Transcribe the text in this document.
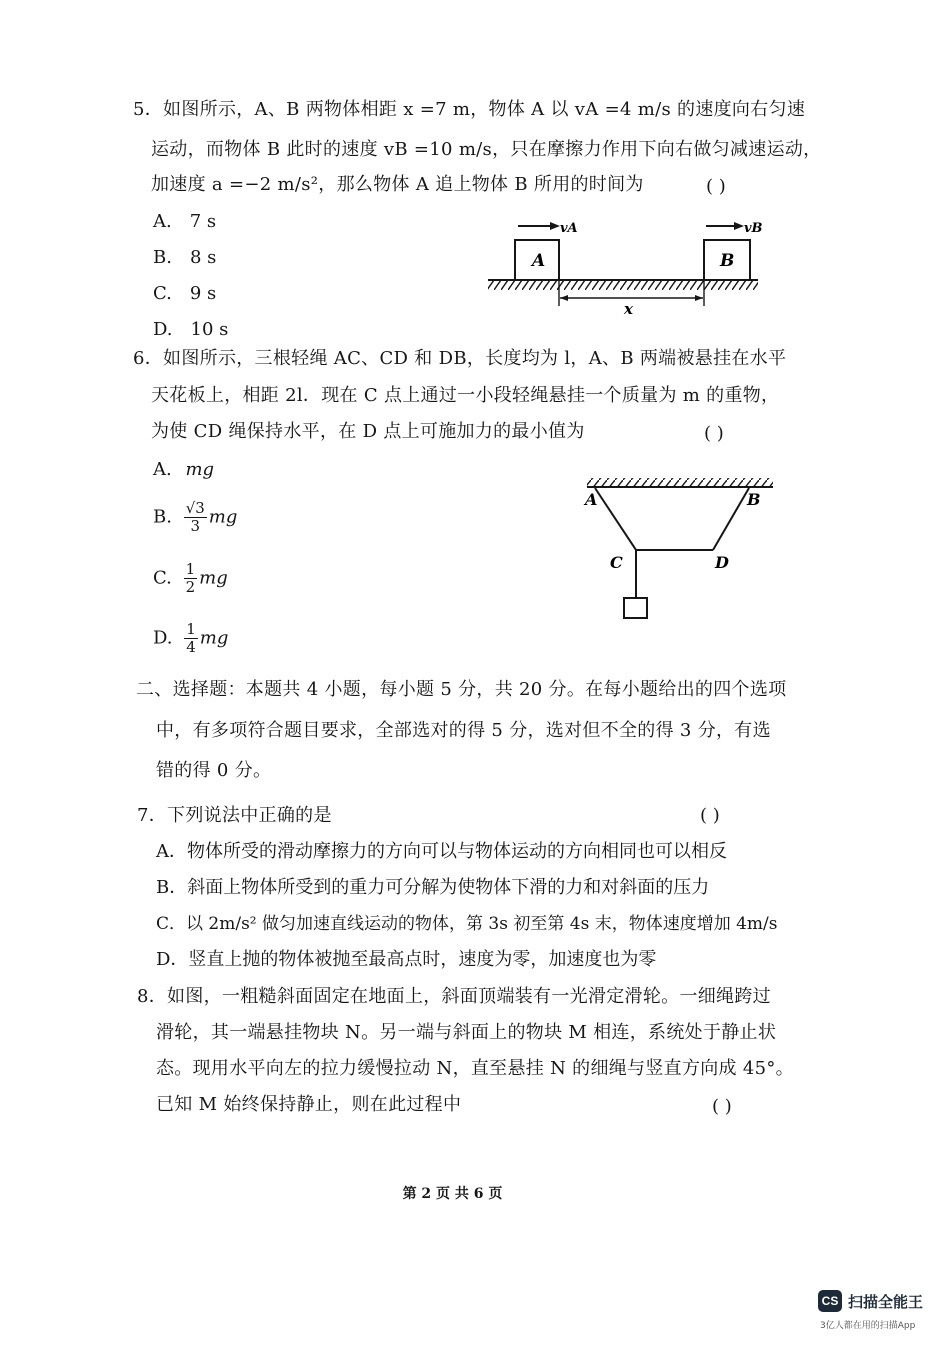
5．如图所示，A、B 两物体相距 x =7 m，物体 A 以 vA =4 m/s 的速度向右匀速
运动，而物体 B 此时的速度 vB =10 m/s，只在摩擦力作用下向右做匀减速运动，
加速度 a =−2 m/s²，那么物体 A 追上物体 B 所用的时间为	( )
A.　7 s
B.　8 s
C.　9 s
D.　10 s
A	B
vA	vB
x
6．如图所示，三根轻绳 AC、CD 和 DB，长度均为 l，A、B 两端被悬挂在水平
天花板上，相距 2l．现在 C 点上通过一小段轻绳悬挂一个质量为 m 的重物，
为使 CD 绳保持水平，在 D 点上可施加力的最小值为	( )
A. mg
B. $\frac{√3}{3}$ mg
C. $\frac{1}{2}$ mg
D. $\frac{1}{4}$ mg
A	B
C	D
二、选择题：本题共 4 小题，每小题 5 分，共 20 分。在每小题给出的四个选项
中，有多项符合题目要求，全部选对的得 5 分，选对但不全的得 3 分，有选
错的得 0 分。
7．下列说法中正确的是	( )
A．物体所受的滑动摩擦力的方向可以与物体运动的方向相同也可以相反
B．斜面上物体所受到的重力可分解为使物体下滑的力和对斜面的压力
C．以 2m/s² 做匀加速直线运动的物体，第 3s 初至第 4s 末，物体速度增加 4m/s
D．竖直上抛的物体被抛至最高点时，速度为零，加速度也为零
8．如图，一粗糙斜面固定在地面上，斜面顶端装有一光滑定滑轮。一细绳跨过
滑轮，其一端悬挂物块 N。另一端与斜面上的物块 M 相连，系统处于静止状
态。现用水平向左的拉力缓慢拉动 N，直至悬挂 N 的细绳与竖直方向成 45°。
已知 M 始终保持静止，则在此过程中	( )
第 2 页 共 6 页
CS 扫描全能王
3亿人都在用的扫描App
